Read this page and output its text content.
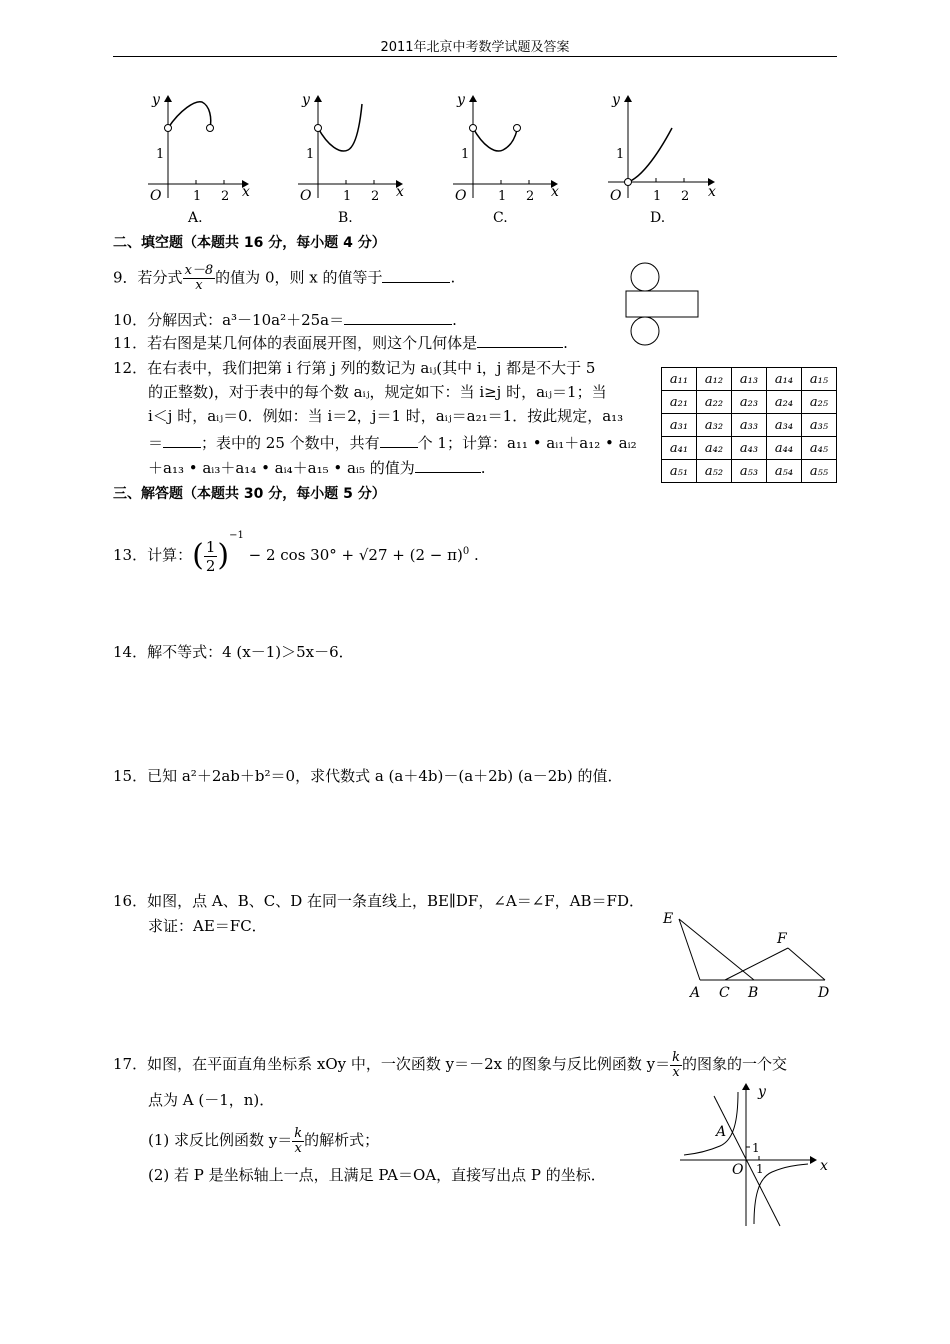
2011年北京中考数学试题及答案
y
x
O
1
1 2
A.
y
x
O
1
1 2
B.
y
x
O
1
1 2
C.
y
x
O
1
1 2
D.
二、填空题（本题共 16 分，每小题 4 分）
9．若分式 $\frac{x-8}{x}$ 的值为 0，则 x 的值等于	.
10．分解因式：a³－10a²＋25a＝	.
11．若右图是某几何体的表面展开图，则这个几何体是	.
12．在右表中，我们把第 i 行第 j 列的数记为 aᵢⱼ(其中 i，j 都是不大于 5
的正整数)，对于表中的每个数 aᵢⱼ，规定如下：当 i≥j 时，aᵢⱼ＝1；当
i＜j 时，aᵢⱼ＝0．例如：当 i＝2，j＝1 时，aᵢⱼ＝a₂₁＝1．按此规定，a₁₃
＝	；表中的 25 个数中，共有	个 1；计算：a₁₁ • aᵢ₁＋a₁₂ • aᵢ₂
＋a₁₃ • aᵢ₃＋a₁₄ • aᵢ₄＋a₁₅ • aᵢ₅ 的值为	.
a₁₁	a₁₂	a₁₃	a₁₄	a₁₅
a₂₁	a₂₂	a₂₃	a₂₄	a₂₅
a₃₁	a₃₂	a₃₃	a₃₄	a₃₅
a₄₁	a₄₂	a₄₃	a₄₄	a₄₅
a₅₁	a₅₂	a₅₃	a₅₄	a₅₅
三、解答题（本题共 30 分，每小题 5 分）
13．计算：( $\frac{1}{2} )^{-1} - 2$ $\cos 30^\circ + √27 + (2 - \pi)^0$ .
14．解不等式：4 (x－1)＞5x－6．
15．已知 a²＋2ab＋b²＝0，求代数式 a (a＋4b)－(a＋2b) (a－2b) 的值．
16．如图，点 A、B、C、D 在同一条直线上，BE∥DF，∠A＝∠F，AB＝FD．
求证：AE＝FC．	E
F
A C B	D
17．如图，在平面直角坐标系 xOy 中，一次函数 y＝－2x 的图象与反比例函数 $y= \frac{k}{x}$ 的图象的一个交
点为 A (－1，n)．
(1) 求反比例函数 $y= \frac{k}{x}$ 的解析式；
(2) 若 P 是坐标轴上一点，且满足 PA＝OA，直接写出点 P 的坐标．
y
x
O
A
1
1
